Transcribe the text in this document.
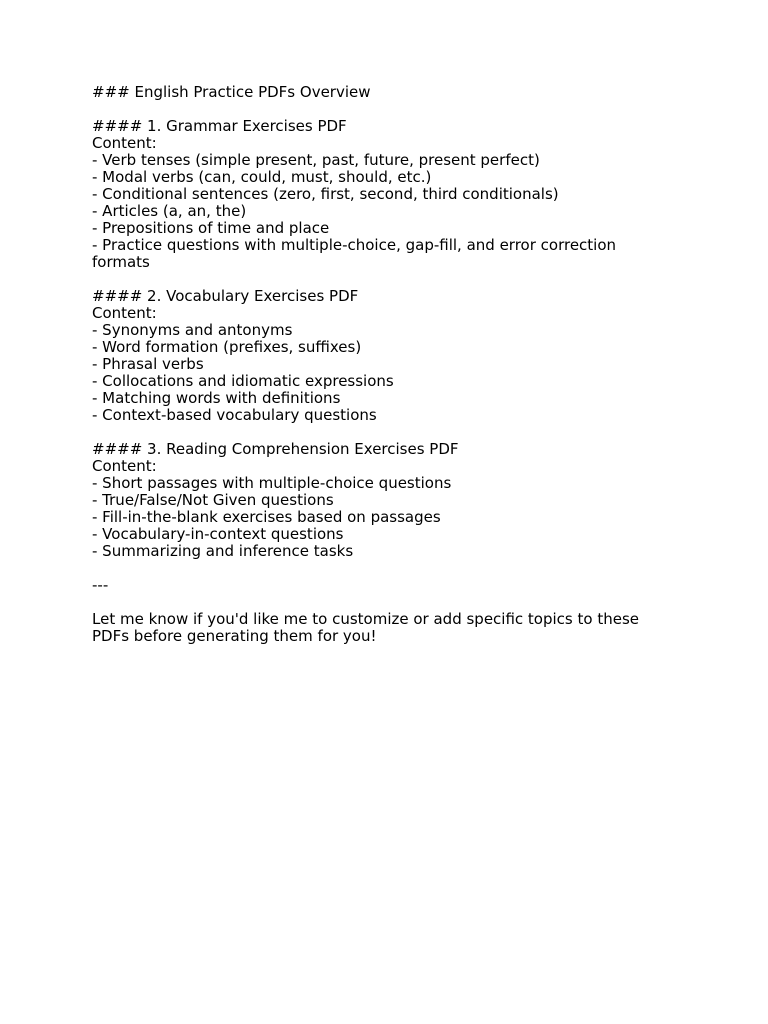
### English Practice PDFs Overview
#### 1. Grammar Exercises PDF
Content:
- Verb tenses (simple present, past, future, present perfect)
- Modal verbs (can, could, must, should, etc.)
- Conditional sentences (zero, first, second, third conditionals)
- Articles (a, an, the)
- Prepositions of time and place
- Practice questions with multiple-choice, gap-fill, and error correction formats
#### 2. Vocabulary Exercises PDF
Content:
- Synonyms and antonyms
- Word formation (prefixes, suffixes)
- Phrasal verbs
- Collocations and idiomatic expressions
- Matching words with definitions
- Context-based vocabulary questions
#### 3. Reading Comprehension Exercises PDF
Content:
- Short passages with multiple-choice questions
- True/False/Not Given questions
- Fill-in-the-blank exercises based on passages
- Vocabulary-in-context questions
- Summarizing and inference tasks
---
Let me know if you'd like me to customize or add specific topics to these PDFs before generating them for you!
